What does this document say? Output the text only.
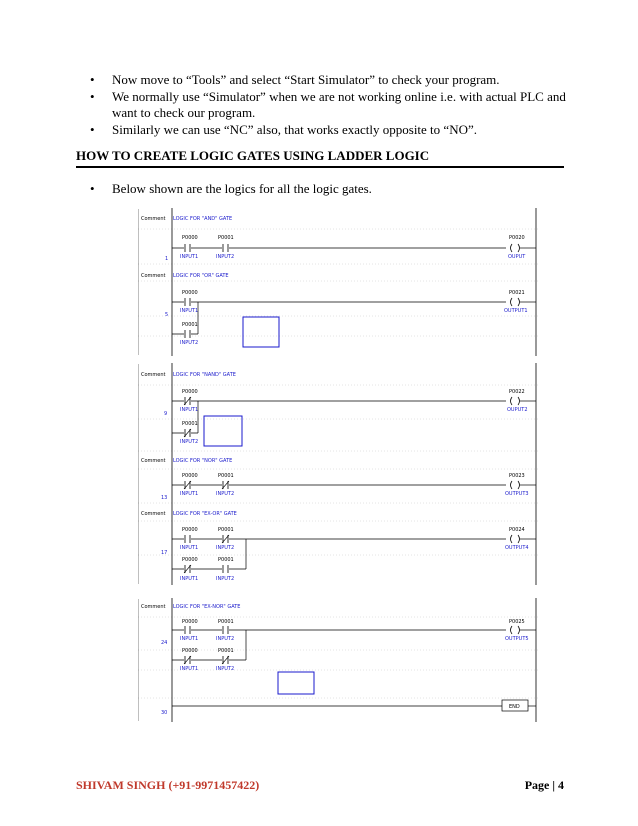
• Now move to “Tools” and select “Start Simulator” to check your program.
• We normally use “Simulator” when we are not working online i.e. with actual PLC and want to check our program.
• Similarly we can use “NC” also, that works exactly opposite to “NO”.
HOW TO CREATE LOGIC GATES USING LADDER LOGIC
•	Below shown are the logics for all the logic gates.
Comment LOGIC FOR "AND" GATE
Comment LOGIC FOR "OR" GATE
1
5
P0000
INPUT1
P0001
INPUT2
P0020
OUPUT
P0000
INPUT1
P0001
INPUT2
P0021
OUTPUT1
Comment LOGIC FOR "NAND" GATE
Comment LOGIC FOR "NOR" GATE
Comment LOGIC FOR "EX-OR" GATE
9
13
17
P0000
INPUT1
P0001
INPUT2
P0022
OUPUT2
P0000
INPUT1
P0001
INPUT2
P0023
OUTPUT3
P0000
INPUT1
P0001
INPUT2
P0000
INPUT1
P0001
INPUT2
P0024
OUTPUT4
Comment LOGIC FOR "EX-NOR" GATE
24
30
P0000
INPUT1
P0001
INPUT2
P0000
INPUT1
P0001
INPUT2
P0025
OUTPUT5
END
SHIVAM SINGH (+91-9971457422)	Page | 4
